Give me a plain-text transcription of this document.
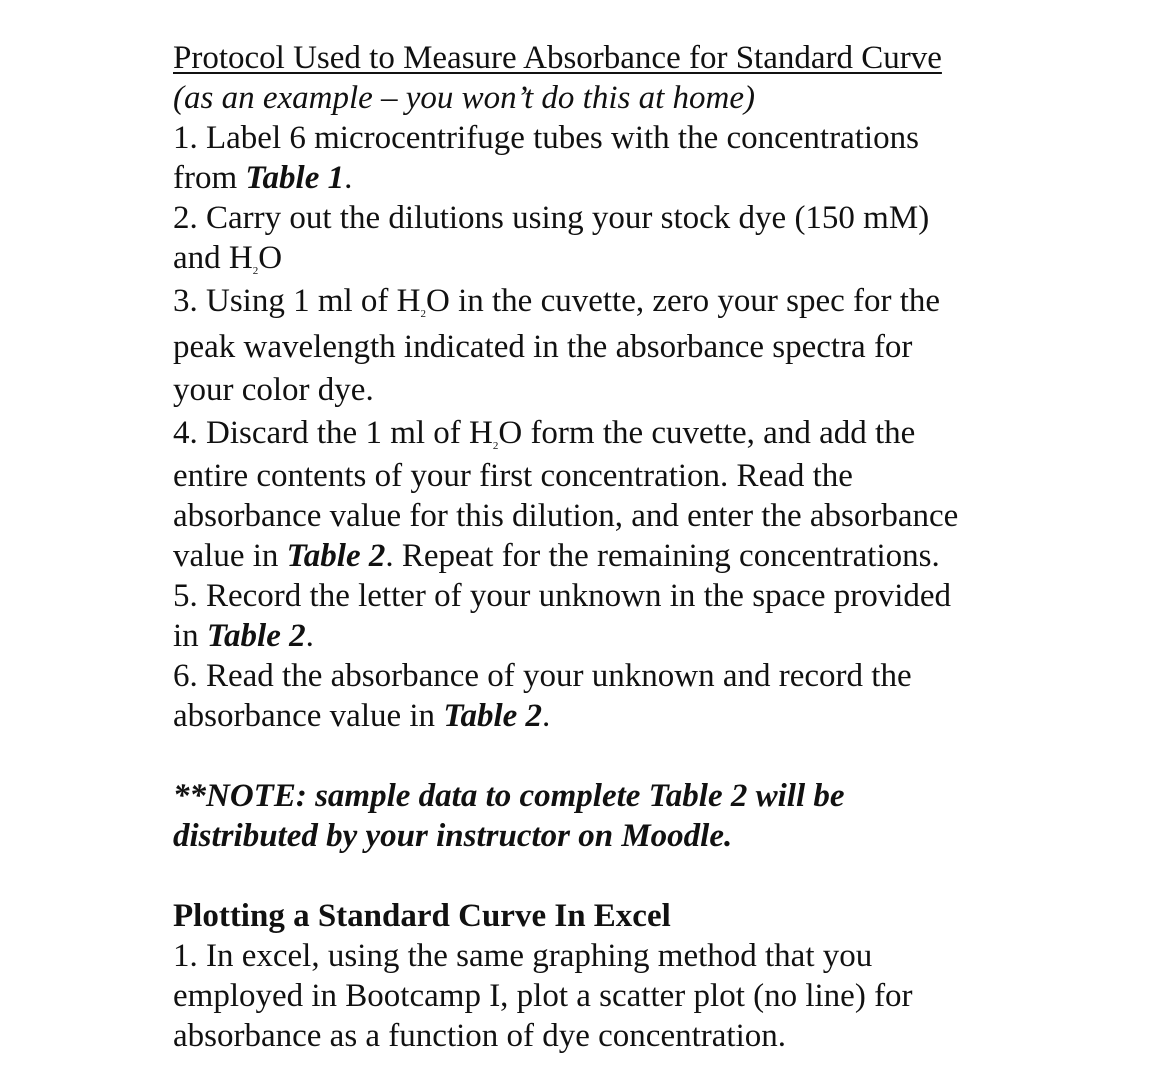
Protocol Used to Measure Absorbance for Standard Curve
(as an example – you won’t do this at home)
1. Label 6 microcentrifuge tubes with the concentrations
from Table 1.
2. Carry out the dilutions using your stock dye (150 mM)
and H2O
3. Using 1 ml of H2O in the cuvette, zero your spec for the
peak wavelength indicated in the absorbance spectra for
your color dye.
4. Discard the 1 ml of H2O form the cuvette, and add the
entire contents of your first concentration. Read the
absorbance value for this dilution, and enter the absorbance
value in Table 2. Repeat for the remaining concentrations.
5. Record the letter of your unknown in the space provided
in Table 2.
6. Read the absorbance of your unknown and record the
absorbance value in Table 2.
**NOTE: sample data to complete Table 2 will be
distributed by your instructor on Moodle.
Plotting a Standard Curve In Excel
1. In excel, using the same graphing method that you
employed in Bootcamp I, plot a scatter plot (no line) for
absorbance as a function of dye concentration.
